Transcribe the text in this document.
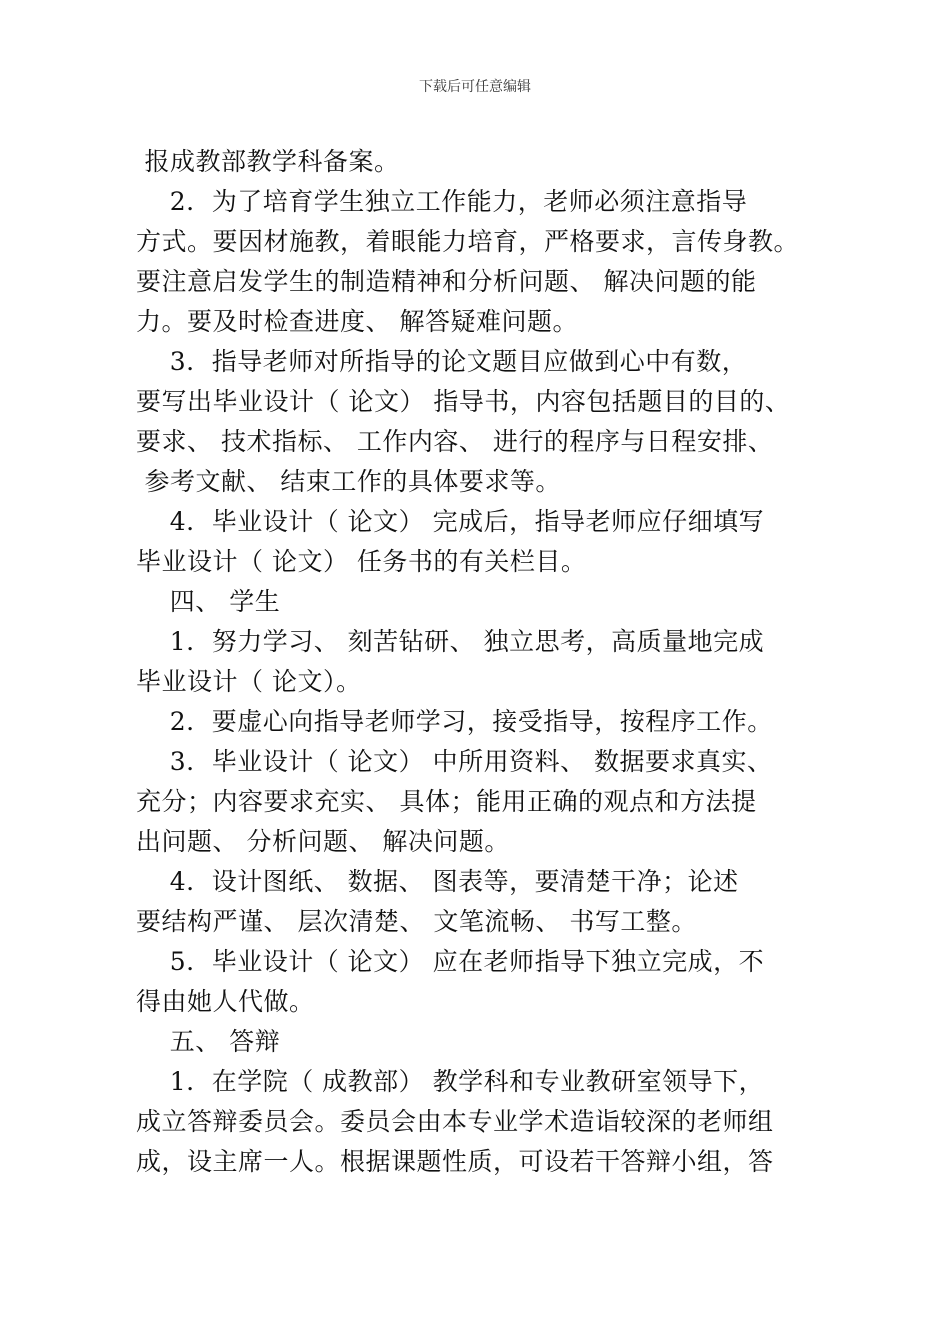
下载后可任意编辑
报成教部教学科备案。
2．为了培育学生独立工作能力，老师必须注意指导
方式。要因材施教，着眼能力培育，严格要求，言传身教。
要注意启发学生的制造精神和分析问题、 解决问题的能
力。要及时检查进度、 解答疑难问题。
3．指导老师对所指导的论文题目应做到心中有数，
要写出毕业设计（ 论文） 指导书，内容包括题目的目的、
要求、 技术指标、 工作内容、 进行的程序与日程安排、
参考文献、 结束工作的具体要求等。
4．毕业设计（ 论文） 完成后，指导老师应仔细填写
毕业设计（ 论文） 任务书的有关栏目。
四、 学生
1．努力学习、 刻苦钻研、 独立思考，高质量地完成
毕业设计（ 论文）。
2．要虚心向指导老师学习，接受指导，按程序工作。
3．毕业设计（ 论文） 中所用资料、 数据要求真实、
充分；内容要求充实、 具体；能用正确的观点和方法提
出问题、 分析问题、 解决问题。
4．设计图纸、 数据、 图表等，要清楚干净；论述
要结构严谨、 层次清楚、 文笔流畅、 书写工整。
5．毕业设计（ 论文） 应在老师指导下独立完成，不
得由她人代做。
五、 答辩
1．在学院（ 成教部） 教学科和专业教研室领导下，
成立答辩委员会。委员会由本专业学术造诣较深的老师组
成，设主席一人。根据课题性质，可设若干答辩小组，答
